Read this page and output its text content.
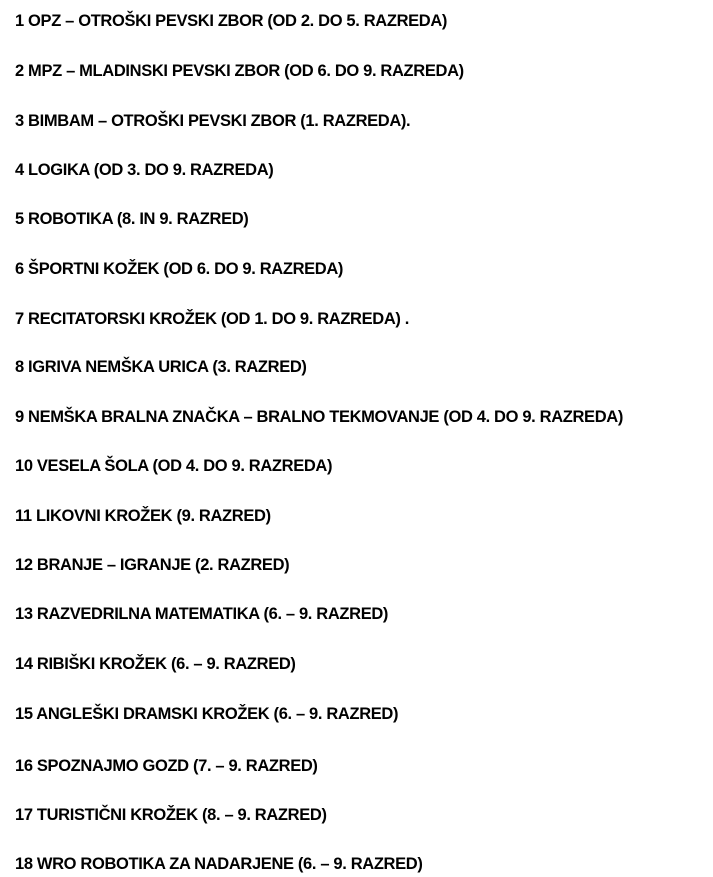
1 OPZ – OTROŠKI PEVSKI ZBOR (OD 2. DO 5. RAZREDA)
2 MPZ – MLADINSKI PEVSKI ZBOR (OD 6. DO 9. RAZREDA)
3 BIMBAM – OTROŠKI PEVSKI ZBOR (1. RAZREDA).
4 LOGIKA (OD 3. DO 9. RAZREDA)
5 ROBOTIKA (8. IN 9. RAZRED)
6 ŠPORTNI KOŽEK (OD 6. DO 9. RAZREDA)
7 RECITATORSKI KROŽEK (OD 1. DO 9. RAZREDA) .
8 IGRIVA NEMŠKA URICA (3. RAZRED)
9 NEMŠKA BRALNA ZNAČKA – BRALNO TEKMOVANJE (OD 4. DO 9. RAZREDA)
10 VESELA ŠOLA (OD 4. DO 9. RAZREDA)
11 LIKOVNI KROŽEK (9. RAZRED)
12 BRANJE – IGRANJE (2. RAZRED)
13 RAZVEDRILNA MATEMATIKA (6. – 9. RAZRED)
14 RIBIŠKI KROŽEK (6. – 9. RAZRED)
15 ANGLEŠKI DRAMSKI KROŽEK (6. – 9. RAZRED)
16 SPOZNAJMO GOZD (7. – 9. RAZRED)
17 TURISTIČNI KROŽEK (8. – 9. RAZRED)
18 WRO ROBOTIKA ZA NADARJENE (6. – 9. RAZRED)
